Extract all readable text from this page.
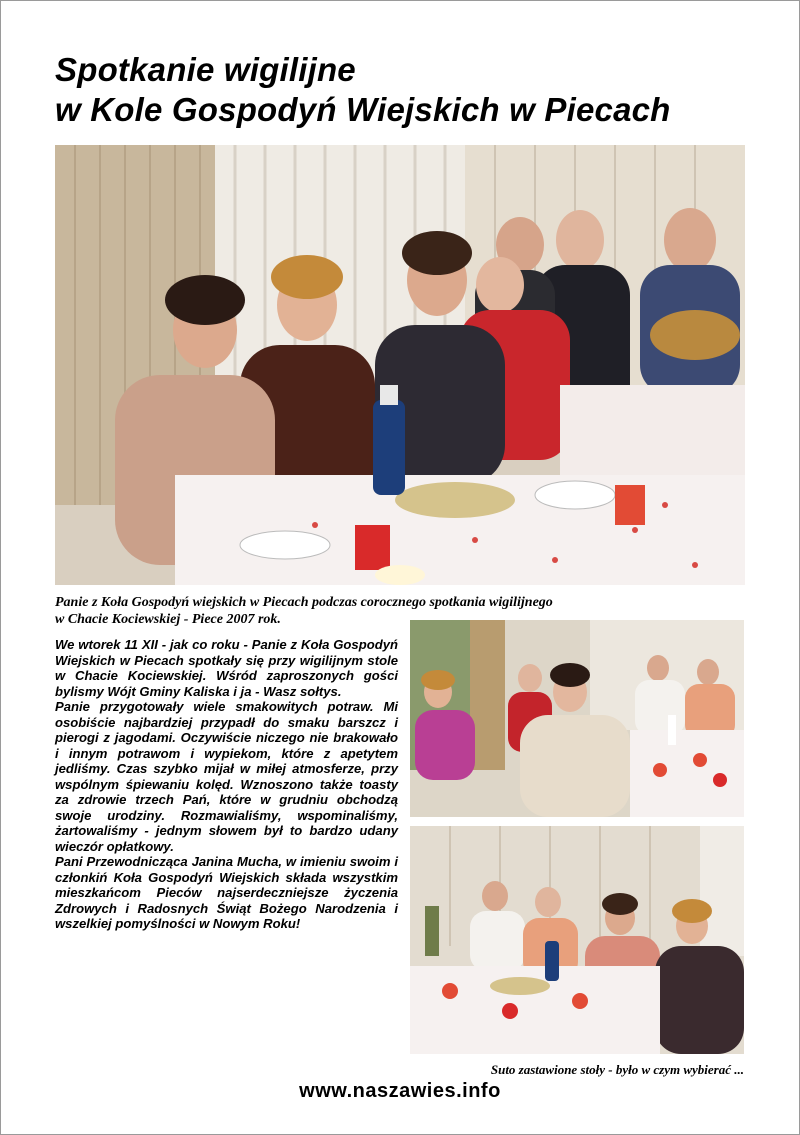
Spotkanie wigilijne
w Kole Gospodyń Wiejskich w Piecach
Panie z Koła Gospodyń wiejskich w Piecach podczas corocznego spotkania wigilijnego
w Chacie Kociewskiej - Piece 2007 rok.

We wtorek 11 XII - jak co roku - Panie z Koła Gospodyń Wiejskich w Piecach spotkały się przy wigilijnym stole w Chacie Kociewskiej. Wśród zaproszonych gości bylismy Wójt Gminy Kaliska i ja - Wasz sołtys.

Panie przygotowały wiele smakowitych potraw. Mi osobiście najbardziej przypadł do smaku barszcz i pierogi z jagodami. Oczywiście niczego nie brakowało i innym potrawom i wypiekom, które z apetytem jedliśmy. Czas szybko mijał w miłej atmosferze, przy wspólnym śpiewaniu kolęd. Wznoszono także toasty za zdrowie trzech Pań, które w grudniu obchodzą swoje urodziny. Rozmawialiśmy, wspominaliśmy, żartowaliśmy - jednym słowem był to bardzo udany wieczór opłatkowy.

Pani Przewodnicząca Janina Mucha, w imieniu swoim i członkiń Koła Gospodyń Wiejskich składa wszystkim mieszkańcom Pieców najserdeczniejsze życzenia Zdrowych i Radosnych Świąt Bożego Narodzenia i wszelkiej pomyślności w Nowym Roku!

Suto zastawione stoły - było w czym wybierać ...
www.naszawies.info
